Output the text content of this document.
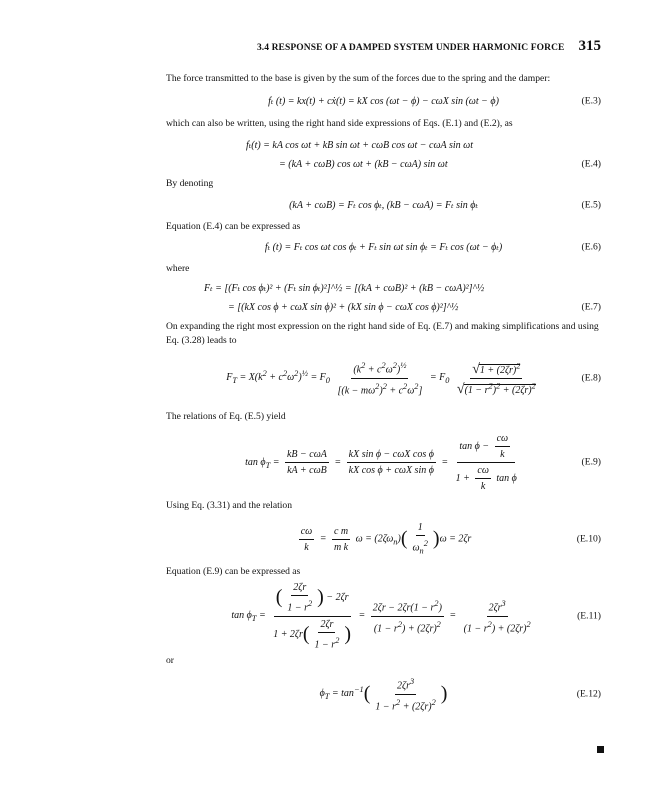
3.4 RESPONSE OF A DAMPED SYSTEM UNDER HARMONIC FORCE 315
The force transmitted to the base is given by the sum of the forces due to the spring and the damper:
fₜ (t) = kx(t) + cẋ(t) = kX cos (ωt − ϕ) − cωX sin (ωt − ϕ)	(E.3)
which can also be written, using the right hand side expressions of Eqs. (E.1) and (E.2), as
fₜ(t) = kA cos ωt + kB sin ωt + cωB cos ωt − cωA sin ωt
= (kA + cωB) cos ωt + (kB − cωA) sin ωt	(E.4)
By denoting
(kA + cωB) = Fₜ cos ϕₜ, (kB − cωA) = Fₜ sin ϕₜ	(E.5)
Equation (E.4) can be expressed as
fₜ (t) = Fₜ cos ωt cos ϕₜ + Fₜ sin ωt sin ϕₜ = Fₜ cos (ωt − ϕₜ)	(E.6)
where
Fₜ = [(Fₜ cos ϕₜ)² + (Fₜ sin ϕₜ)²]^½ = [(kA + cωB)² + (kB − cωA)²]^½
= [(kX cos ϕ + cωX sin ϕ)² + (kX sin ϕ − cωX cos ϕ)²]^½	(E.7)
On expanding the right most expression on the right hand side of Eq. (E.7) and making simplifications and using Eq. (3.28) leads to
$F_T = X(k^2 + c^2\omega^2)^{\frac{1}{2}} = F_0 \frac{(k^2 + c^2\omega^2)^{\frac{1}{2}}}{[(k - m\omega^2)^2 + c^2\omega^2]} = F_0 \frac{√1 + (2\zeta r)^2}{√(1 - r^2)^2 + (2\zeta r)^2}$	(E.8)
The relations of Eq. (E.5) yield
$\tan \phi_T = \frac{\text{kB − cωA}}{\text{kA + cωB}} = \frac{\text{kX sin ϕ − cωX cos ϕ}}{\text{kX cos ϕ + cωX sin ϕ}} = \frac{\tan \phi - \frac{c\omega}{k}}{1 + \frac{c\omega}{k} \tan \phi}$	(E.9)
Using Eq. (3.31) and the relation
$\frac{c\omega}{k} = \frac{\text{c m}}{\text{m k}}$ $\omega = (2\zeta\omega_n)( \frac{1}{\omega_n^2} )\omega = 2\zeta r$	(E.10)
Equation (E.9) can be expressed as
$\tan \phi_T = \frac{( \frac{2\zeta r}{1 - r^2} ) - 2\zeta r}{1 + 2\zeta r( \frac{2\zeta r}{1 - r^2} )} = \frac{2\zeta r - 2\zeta r(1 - r^2)}{(1 - r^2) + (2\zeta r)^2} = \frac{2\zeta r^3}{(1 - r^2) + (2\zeta r)^2}$	(E.11)
or
$\phi_T = \tan^{-1}( \frac{2\zeta r^3}{1 - r^2 + (2\zeta r)^2}$ )	(E.12)
